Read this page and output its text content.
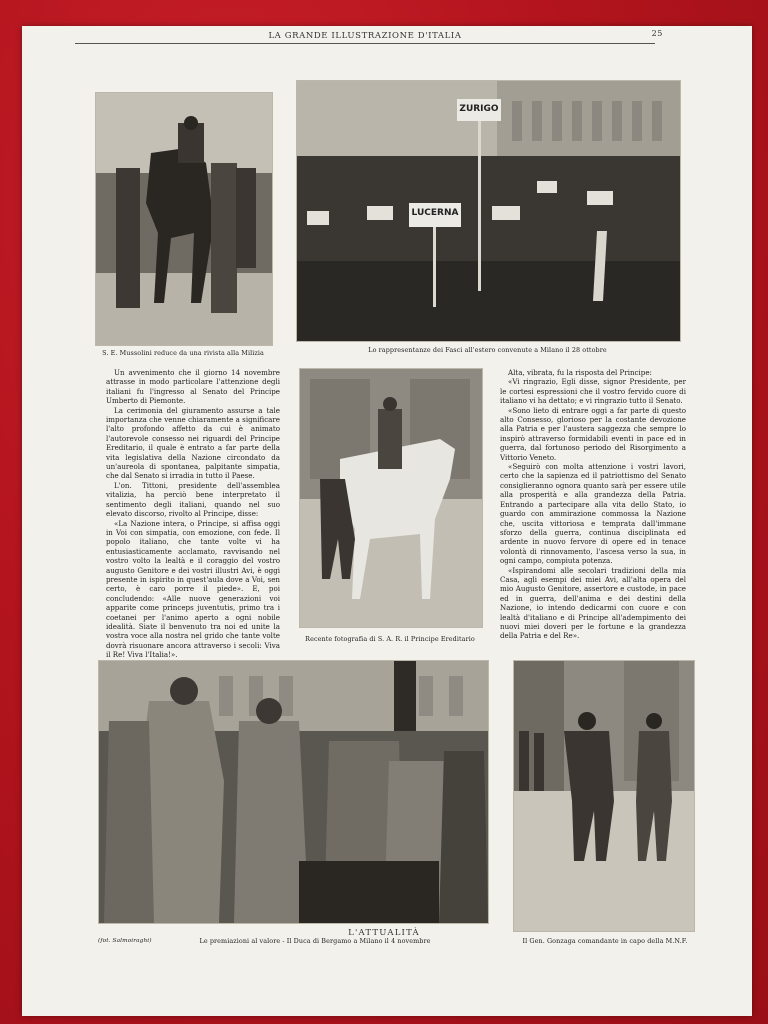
LA GRANDE ILLUSTRAZIONE D'ITALIA	25
S. E. Mussolini reduce da una rivista alla Milizia
ZURIGO
LUCERNA
Lo rappresentanze dei Fasci all'estero convenute a Milano il 28 ottobre

Un avvenimento che il giorno 14 novembre attrasse in modo particolare l'attenzione degli italiani fu l'ingresso al Senato del Principe Umberto di Piemonte.

La cerimonia del giuramento assurse a tale importanza che venne chiaramente a significare l'alto profondo affetto da cui è animato l'autorevole consesso nei riguardi del Principe Ereditario, il quale è entrato a far parte della vita legislativa della Nazione circondato da un'aureola di spontanea, palpitante simpatia, che dal Senato si irradia in tutto il Paese.

L'on. Tittoni, presidente dell'assemblea vitalizia, ha perciò bene interpretato il sentimento degli italiani, quando nel suo elevato discorso, rivolto al Principe, disse:

«La Nazione intera, o Principe, si affisa oggi in Voi con simpatia, con emozione, con fede. Il popolo italiano, che tante volte vi ha entusiasticamente acclamato, ravvisando nel vostro volto la lealtà e il coraggio del vostro augusto Genitore e dei vostri illustri Avi, è oggi presente in ispirito in quest'aula dove a Voi, sen certo, è caro porre il piede». E, poi concludendo: «Alle nuove generazioni voi apparite come princeps juventutis, primo tra i coetanei per l'animo aperto a ogni nobile idealità. Siate il benvenuto tra noi ed unite la vostra voce alla nostra nel grido che tante volte dovrà risuonare ancora attraverso i secoli: Viva il Re! Viva l'Italia!».

Recente fotografia di S. A. R. il Principe Ereditario

Alta, vibrata, fu la risposta del Principe:

«Vi ringrazio, Egli disse, signor Presidente, per le cortesi espressioni che il vostro fervido cuore di italiano vi ha dettato; e vi ringrazio tutto il Senato.

«Sono lieto di entrare oggi a far parte di questo alto Consesso, glorioso per la costante devozione alla Patria e per l'austera saggezza che sempre lo inspirò attraverso formidabili eventi in pace ed in guerra, dal fortunoso periodo del Risorgimento a Vittorio Veneto.

«Seguirò con molta attenzione i vostri lavori, certo che la sapienza ed il patriottismo del Senato consiglieranno ognora quanto sarà per essere utile alla prosperità e alla grandezza della Patria. Entrando a partecipare alla vita dello Stato, io guardo con ammirazione commossa la Nazione che, uscita vittoriosa e temprata dall'immane sforzo della guerra, continua disciplinata ed ardente in nuovo fervore di opere ed in tenace volontà di rinnovamento, l'ascesa verso la sua, in ogni campo, compiuta potenza.

«Ispirandomi alle secolari tradizioni della mia Casa, agli esempi dei miei Avi, all'alta opera del mio Augusto Genitore, assertore e custode, in pace ed in guerra, dell'anima e dei destini della Nazione, io intendo dedicarmi con cuore e con lealtà d'italiano e di Principe all'adempimento dei nuovi miei doveri per le fortune e la grandezza della Patria e del Re».

(fot. Salmoiraghi)	Le premiazioni al valore - Il Duca di Bergamo a Milano il 4 novembre	Il Gen. Gonzaga comandante in capo della M.N.F.
L'ATTUALITÀ
